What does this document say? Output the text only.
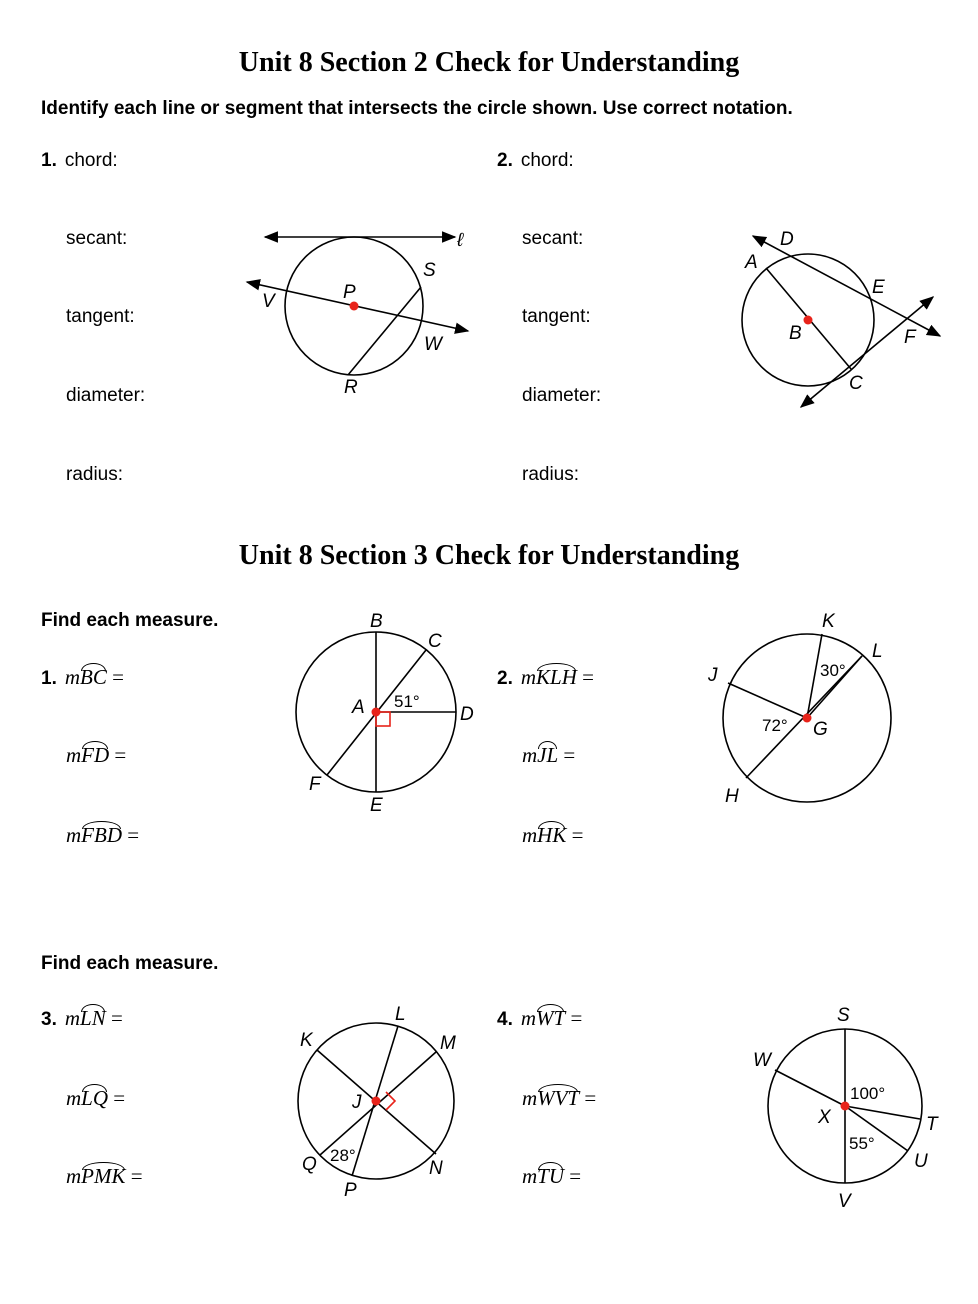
Unit 8 Section 2 Check for Understanding
Identify each line or segment that intersects the circle shown. Use correct notation.
1. chord:
secant:
tangent:
diameter:
radius:
2. chord:
secant:
tangent:
diameter:
radius:
P
S
V
W
R
ℓ
A
D
B
E
F
C
Unit 8 Section 3 Check for Understanding
Find each measure.
1. mBC =
mFD =
mFBD =
2. mKLH =
mJL =
mHK =
B
C
A	D
E
F
51°
K
L
J
G
H
30°
72°
Find each measure.
3. mLN =
mLQ =
mPMK =
4. mWT =
mWVT =
mTU =
K
L
M
J
Q
P
N
28°
S
W
X	T
U
V
100°
55°
